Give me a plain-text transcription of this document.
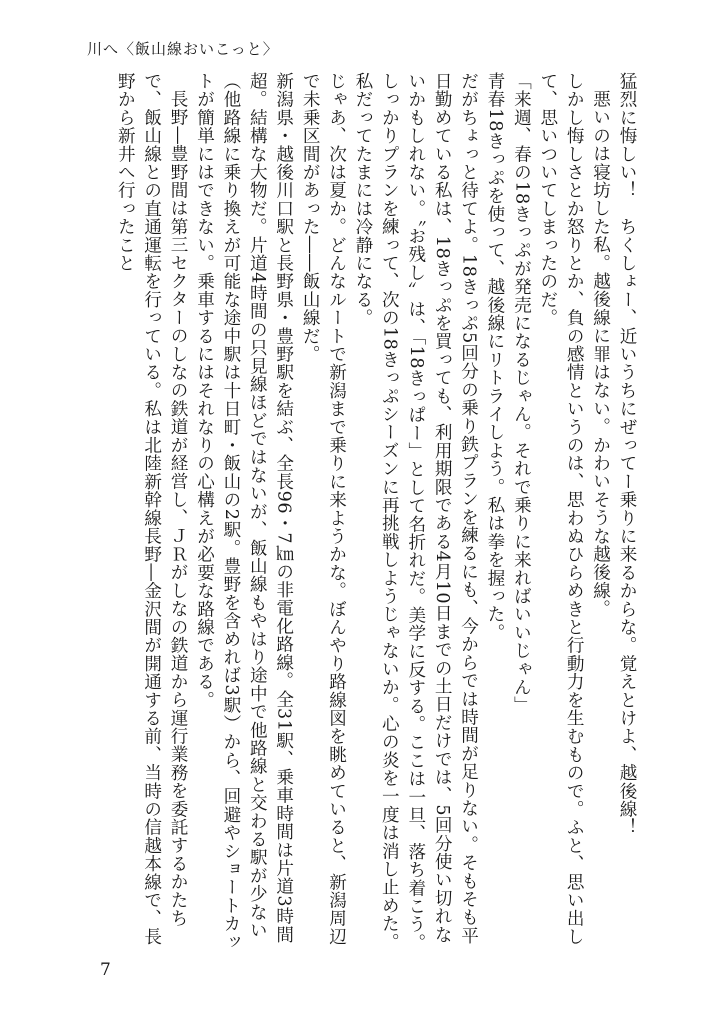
川へ〈飯山線おいこっと〉

猛烈に悔しい！　ちくしょー、近いうちにぜってー乗りに来るからな。覚えとけよ、越後線！

悪いのは寝坊した私。越後線に罪はない。かわいそうな越後線。

しかし悔しさとか怒りとか、負の感情というのは、思わぬひらめきと行動力を生むもので。ふと、思い出して、思いついてしまったのだ。

「来週、春の18きっぷが発売になるじゃん。それで乗りに来ればいいじゃん」

青春18きっぷを使って、越後線にリトライしよう。私は拳を握った。

だがちょっと待てよ。18きっぷ5回分の乗り鉄プランを練るにも、今からでは時間が足りない。そもそも平日勤めている私は、18きっぷを買っても、利用期限である4月10日までの土日だけでは、5回分使い切れないかもしれない。〝お残し〟は、「18きっぱー」として名折れだ。美学に反する。ここは一旦、落ち着こう。しっかりプランを練って、次の18きっぷシーズンに再挑戦しようじゃないか。心の炎を一度は消し止めた。私だってたまには冷静になる。

じゃあ、次は夏か。どんなルートで新潟まで乗りに来ようかな。ぼんやり路線図を眺めていると、新潟周辺で未乗区間があった――飯山線だ。

新潟県・越後川口駅と長野県・豊野駅を結ぶ、全長96・7㎞の非電化路線。全31駅、乗車時間は片道3時間超。結構な大物だ。片道4時間の只見線ほどではないが、飯山線もやはり途中で他路線と交わる駅が少ない（他路線に乗り換えが可能な途中駅は十日町・飯山の2駅。豊野を含めれば3駅）から、回避やショートカットが簡単にはできない。乗車するにはそれなりの心構えが必要な路線である。

長野―豊野間は第三セクターのしなの鉄道が経営し、ＪＲがしなの鉄道から運行業務を委託するかたちで、飯山線との直通運転を行っている。私は北陸新幹線長野―金沢間が開通する前、当時の信越本線で、長野から新井へ行ったこと

7
